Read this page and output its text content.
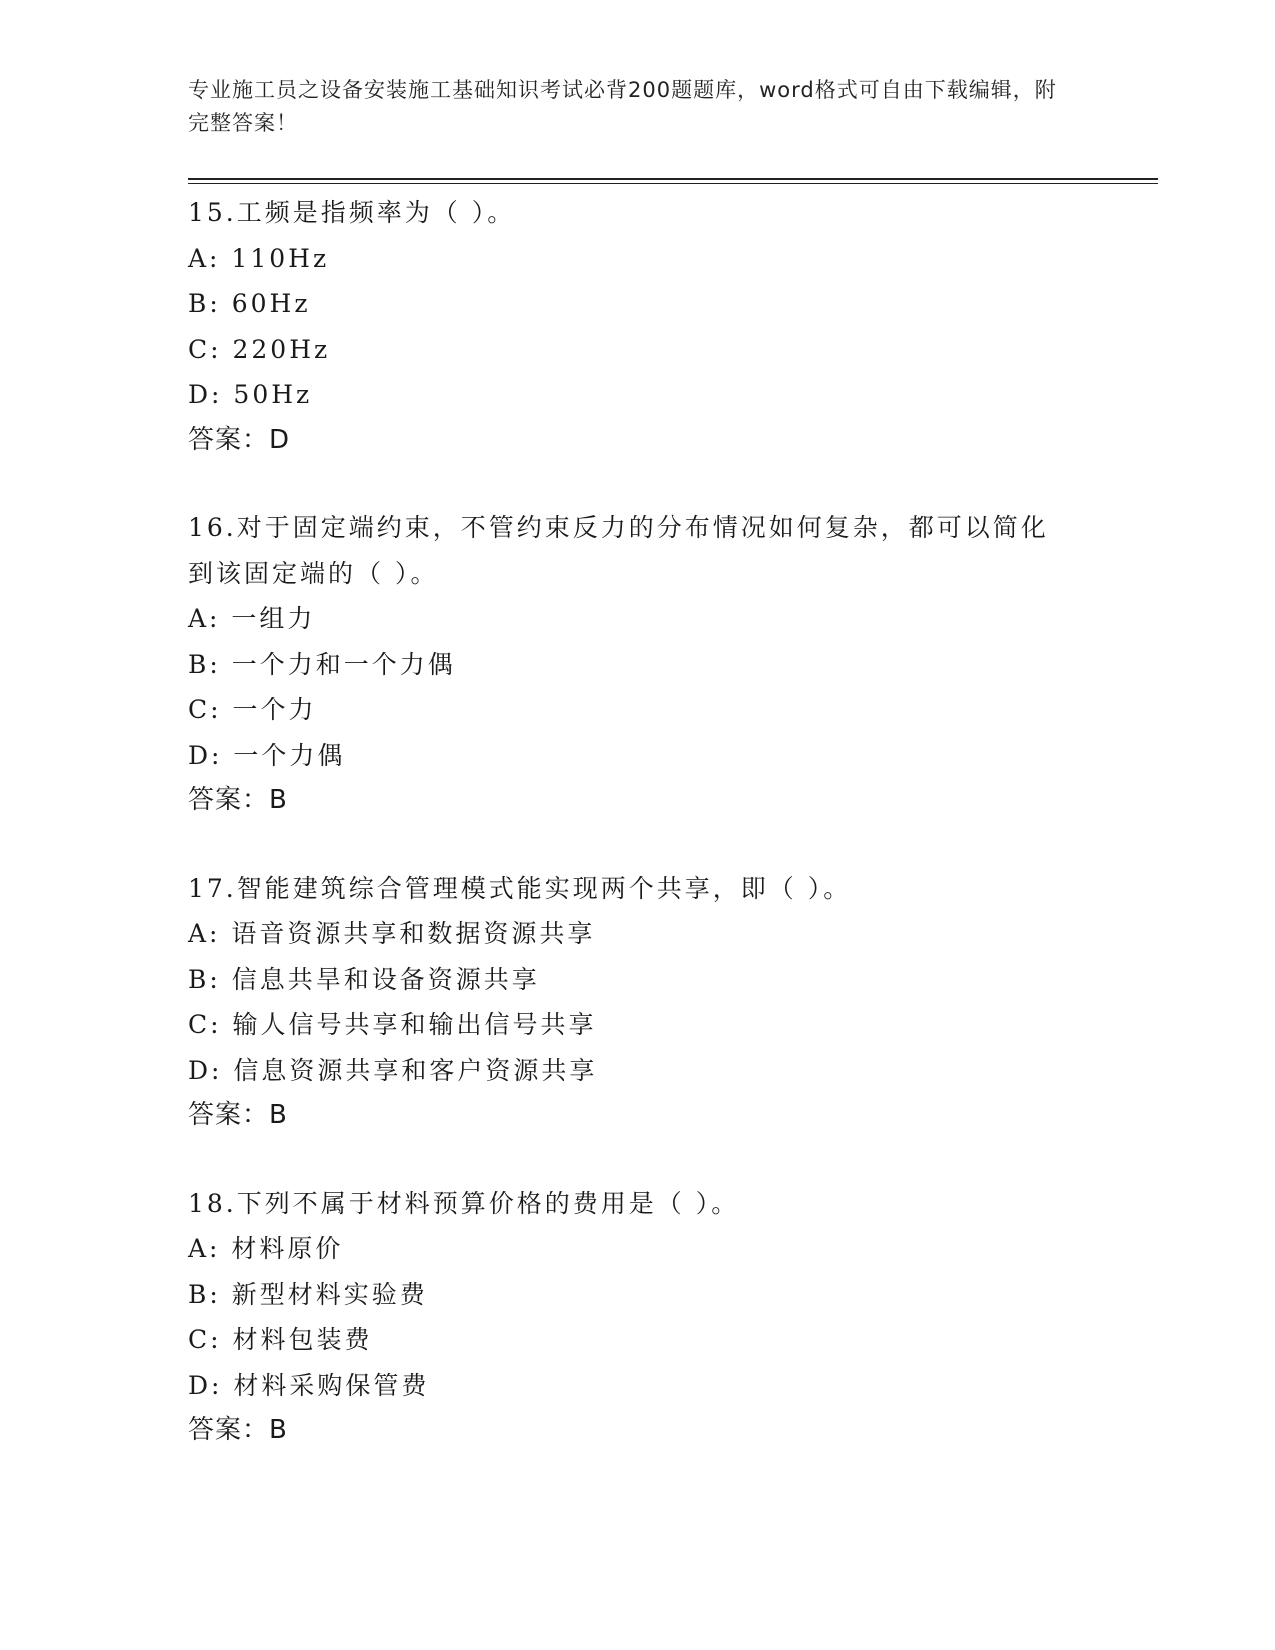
专业施工员之设备安装施工基础知识考试必背200题题库，word格式可自由下载编辑，附完整答案！
15.工频是指频率为（ ）。
A: 110Hz
B: 60Hz
C: 220Hz
D: 50Hz
答案：D
16.对于固定端约束，不管约束反力的分布情况如何复杂，都可以简化到该固定端的（ ）。
A: 一组力
B: 一个力和一个力偶
C: 一个力
D: 一个力偶
答案：B
17.智能建筑综合管理模式能实现两个共享，即（ ）。
A: 语音资源共享和数据资源共享
B: 信息共旱和设备资源共享
C: 输人信号共享和输出信号共享
D: 信息资源共享和客户资源共享
答案：B
18.下列不属于材料预算价格的费用是（ ）。
A: 材料原价
B: 新型材料实验费
C: 材料包装费
D: 材料采购保管费
答案：B
